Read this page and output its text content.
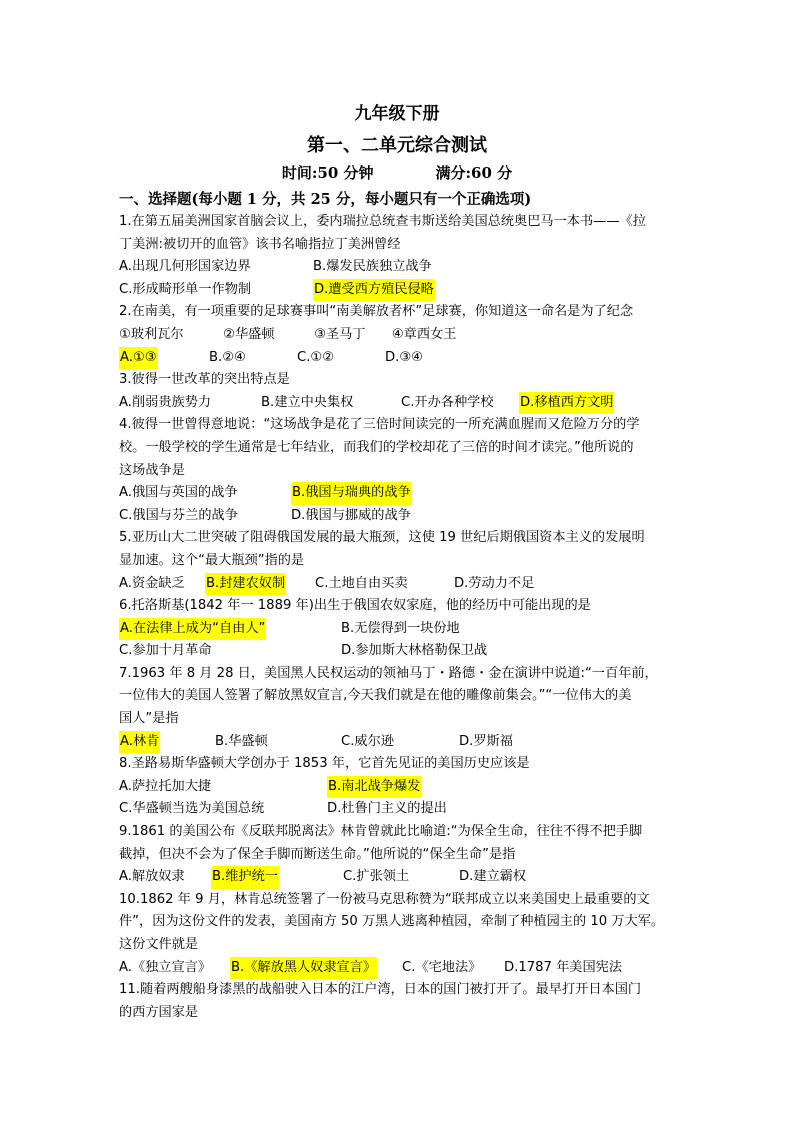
九年级下册
第一、二单元综合测试
时间:50 分钟	满分:60 分
一、选择题(每小题 1 分，共 25 分，每小题只有一个正确选项)
1.在第五届美洲国家首脑会议上，委内瑞拉总统查韦斯送给美国总统奥巴马一本书——《拉
丁美洲:被切开的血管》该书名喻指拉丁美洲曾经
A.出现几何形国家边界	B.爆发民族独立战争
C.形成畸形单一作物制	D.遭受西方殖民侵略
2.在南美，有一项重要的足球赛事叫“南美解放者杯”足球赛，你知道这一命名是为了纪念
①玻利瓦尔　　　②华盛顿　　　③圣马丁　　④章西女王
A.①③	B.②④	C.①②	D.③④
3.彼得一世改革的突出特点是
A.削弱贵族势力	B.建立中央集权	C.开办各种学校 D.移植西方文明
4.彼得一世曾得意地说：“这场战争是花了三倍时间读完的一所充满血腥而又危险万分的学
校。一般学校的学生通常是七年结业，而我们的学校却花了三倍的时间才读完。”他所说的
这场战争是
A.俄国与英国的战争	B.俄国与瑞典的战争
C.俄国与芬兰的战争	D.俄国与挪威的战争
5.亚历山大二世突破了阻碍俄国发展的最大瓶颈，这使 19 世纪后期俄国资本主义的发展明
显加速。这个“最大瓶颈”指的是
A.资金缺乏 B.封建农奴制 C.土地自由买卖	D.劳动力不足
6.托洛斯基(1842 年一 1889 年)出生于俄国农奴家庭，他的经历中可能出现的是
A.在法律上成为“自由人”	B.无偿得到一块份地
C.参加十月革命	D.参加斯大林格勒保卫战
7.1963 年 8 月 28 日，美国黑人民权运动的领袖马丁・路德・金在演讲中说道:“一百年前，
一位伟大的美国人签署了解放黑奴宣言,今天我们就是在他的雕像前集会。”“一位伟大的美
国人”是指
A.林肯	B.华盛顿	C.威尔逊	D.罗斯福
8.圣路易斯华盛顿大学创办于 1853 年，它首先见证的美国历史应该是
A.萨拉托加大捷	B.南北战争爆发
C.华盛顿当选为美国总统	D.杜鲁门主义的提出
9.1861 的美国公布《反联邦脱离法》林肯曾就此比喻道:“为保全生命，往往不得不把手脚
截掉，但决不会为了保全手脚而断送生命。”他所说的“保全生命”是指
A.解放奴隶 B.维护统一	C.扩张领土	D.建立霸权
10.1862 年 9 月，林肯总统签署了一份被马克思称赞为“联邦成立以来美国史上最重要的文
件”，因为这份文件的发表，美国南方 50 万黑人逃离种植园，牵制了种植园主的 10 万大军。
这份文件就是
A.《独立宣言》 B.《解放黑人奴隶宣言》 C.《宅地法》 D.1787 年美国宪法
11.随着两艘船身漆黑的战船驶入日本的江户湾，日本的国门被打开了。最早打开日本国门
的西方国家是
